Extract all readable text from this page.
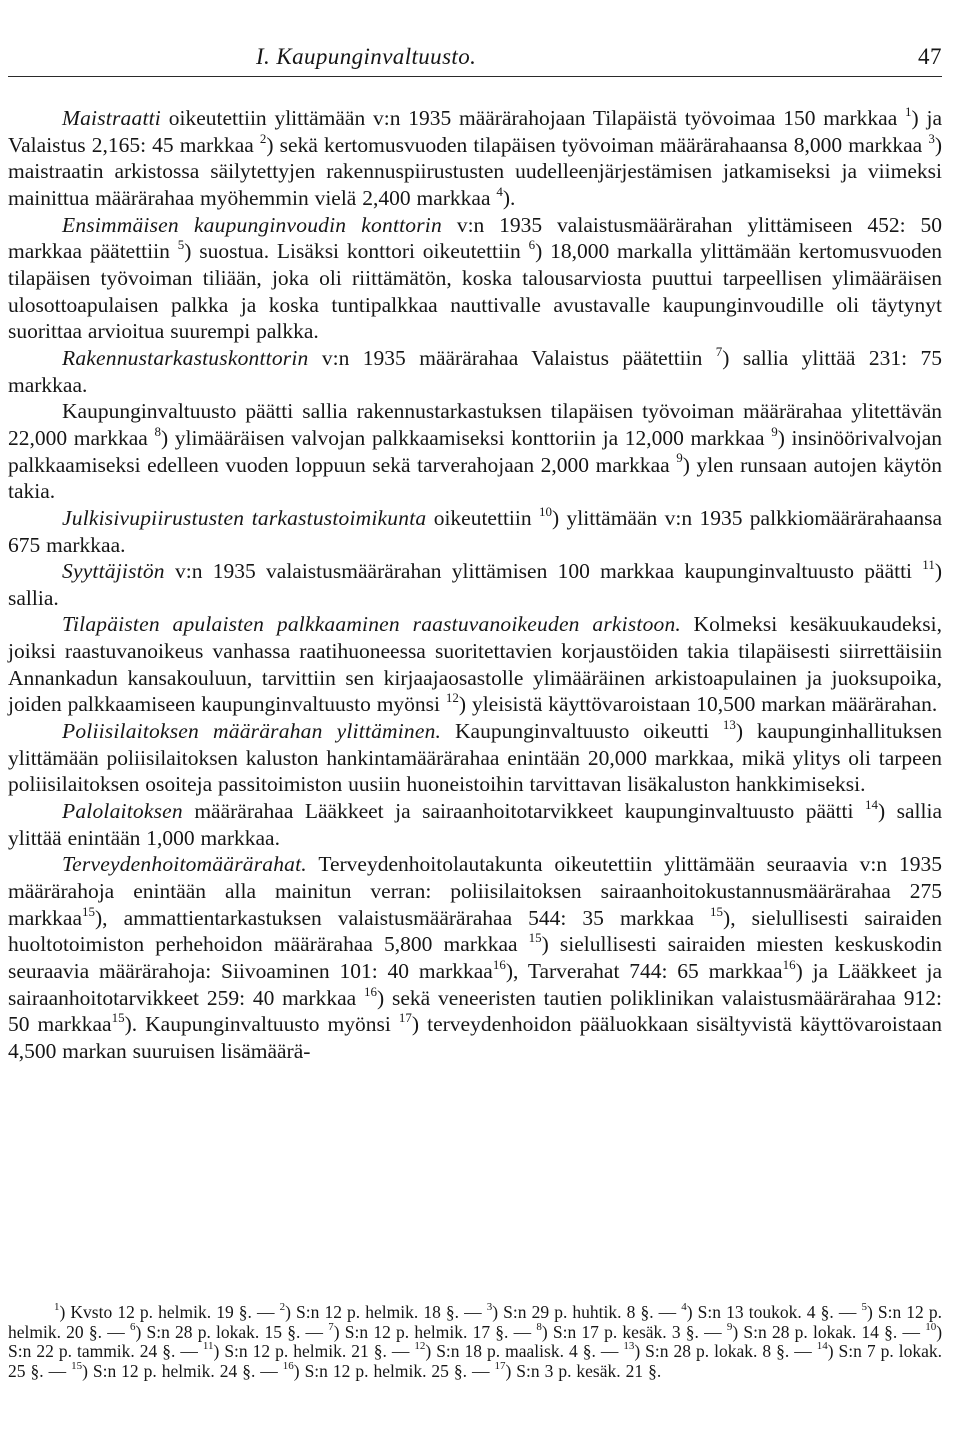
I. Kaupunginvaltuusto.	47

Maistraatti oikeutettiin ylittämään v:n 1935 määrärahojaan Tilapäistä työvoimaa 150 markkaa $^1$) ja Valaistus 2,165: 45 markkaa $^2$) sekä kertomusvuoden tilapäisen työvoiman määrärahaansa 8,000 markkaa $^3$) maistraatin arkistossa säilytettyjen rakennuspiirustusten uudelleenjärjestämisen jatkamiseksi ja viimeksi mainittua määrärahaa myöhemmin vielä 2,400 markkaa $^4$).

Ensimmäisen kaupunginvoudin konttorin v:n 1935 valaistusmäärärahan ylittämiseen 452: 50 markkaa päätettiin $^5$) suostua. Lisäksi konttori oikeutettiin $^6$) 18,000 markalla ylittämään kertomusvuoden tilapäisen työvoiman tiliään, joka oli riittämätön, koska talousarviosta puuttui tarpeellisen ylimääräisen ulosottoapulaisen palkka ja koska tuntipalkkaa nauttivalle avustavalle kaupunginvoudille oli täytynyt suorittaa arvioitua suurempi palkka.

Rakennustarkastuskonttorin v:n 1935 määrärahaa Valaistus päätettiin $^7$) sallia ylittää 231: 75 markkaa.

Kaupunginvaltuusto päätti sallia rakennustarkastuksen tilapäisen työvoiman määrärahaa ylitettävän 22,000 markkaa $^8$) ylimääräisen valvojan palkkaamiseksi konttoriin ja 12,000 markkaa $^9$) insinöörivalvojan palkkaamiseksi edelleen vuoden loppuun sekä tarverahojaan 2,000 markkaa $^9$) ylen runsaan autojen käytön takia.

Julkisivupiirustusten tarkastustoimikunta oikeutettiin $^{10}$) ylittämään v:n 1935 palkkiomäärärahaansa 675 markkaa.

Syyttäjistön v:n 1935 valaistusmäärärahan ylittämisen 100 markkaa kaupunginvaltuusto päätti $^{11}$) sallia.

Tilapäisten apulaisten palkkaaminen raastuvanoikeuden arkistoon. Kolmeksi kesäkuukaudeksi, joiksi raastuvanoikeus vanhassa raatihuoneessa suoritettavien korjaustöiden takia tilapäisesti siirrettäisiin Annankadun kansakouluun, tarvittiin sen kirjaajaosastolle ylimääräinen arkistoapulainen ja juoksupoika, joiden palkkaamiseen kaupunginvaltuusto myönsi $^{12}$) yleisistä käyttövaroistaan 10,500 markan määrärahan.

Poliisilaitoksen määrärahan ylittäminen. Kaupunginvaltuusto oikeutti $^{13}$) kaupunginhallituksen ylittämään poliisilaitoksen kaluston hankintamäärärahaa enintään 20,000 markkaa, mikä ylitys oli tarpeen poliisilaitoksen osoiteja passitoimiston uusiin huoneistoihin tarvittavan lisäkaluston hankkimiseksi.

Palolaitoksen määrärahaa Lääkkeet ja sairaanhoitotarvikkeet kaupunginvaltuusto päätti $^{14}$) sallia ylittää enintään 1,000 markkaa.

Terveydenhoitomäärärahat. Terveydenhoitolautakunta oikeutettiin ylittämään seuraavia v:n 1935 määrärahoja enintään alla mainitun verran: poliisilaitoksen sairaanhoitokustannusmäärärahaa 275 markkaa$^{15}$), ammattientarkastuksen valaistusmäärärahaa 544: 35 markkaa $^{15}$), sielullisesti sairaiden huoltotoimiston perhehoidon määrärahaa 5,800 markkaa $^{15}$) sielullisesti sairaiden miesten keskuskodin seuraavia määrärahoja: Siivoaminen 101: 40 markkaa$^{16}$), Tarverahat 744: 65 markkaa$^{16}$) ja Lääkkeet ja sairaanhoitotarvikkeet 259: 40 markkaa $^{16}$) sekä veneeristen tautien poliklinikan valaistusmäärärahaa 912: 50 markkaa$^{15}$). Kaupunginvaltuusto myönsi $^{17}$) terveydenhoidon pääluokkaan sisältyvistä käyttövaroistaan 4,500 markan suuruisen lisämäärä-

$^1$) Kvsto 12 p. helmik. 19 §. — $^2$) S:n 12 p. helmik. 18 §. — $^3$) S:n 29 p. huhtik. 8 §. — $^4$) S:n 13 toukok. 4 §. — $^5$) S:n 12 p. helmik. 20 §. — $^6$) S:n 28 p. lokak. 15 §. — $^7$) S:n 12 p. helmik. 17 §. — $^8$) S:n 17 p. kesäk. 3 §. — $^9$) S:n 28 p. lokak. 14 §. — $^{10}$) S:n 22 p. tammik. 24 §. — $^{11}$) S:n 12 p. helmik. 21 §. — $^{12}$) S:n 18 p. maalisk. 4 §. — $^{13}$) S:n 28 p. lokak. 8 §. — $^{14}$) S:n 7 p. lokak. 25 §. — $^{15}$) S:n 12 p. helmik. 24 §. — $^{16}$) S:n 12 p. helmik. 25 §. — $^{17}$) S:n 3 p. kesäk. 21 §.
